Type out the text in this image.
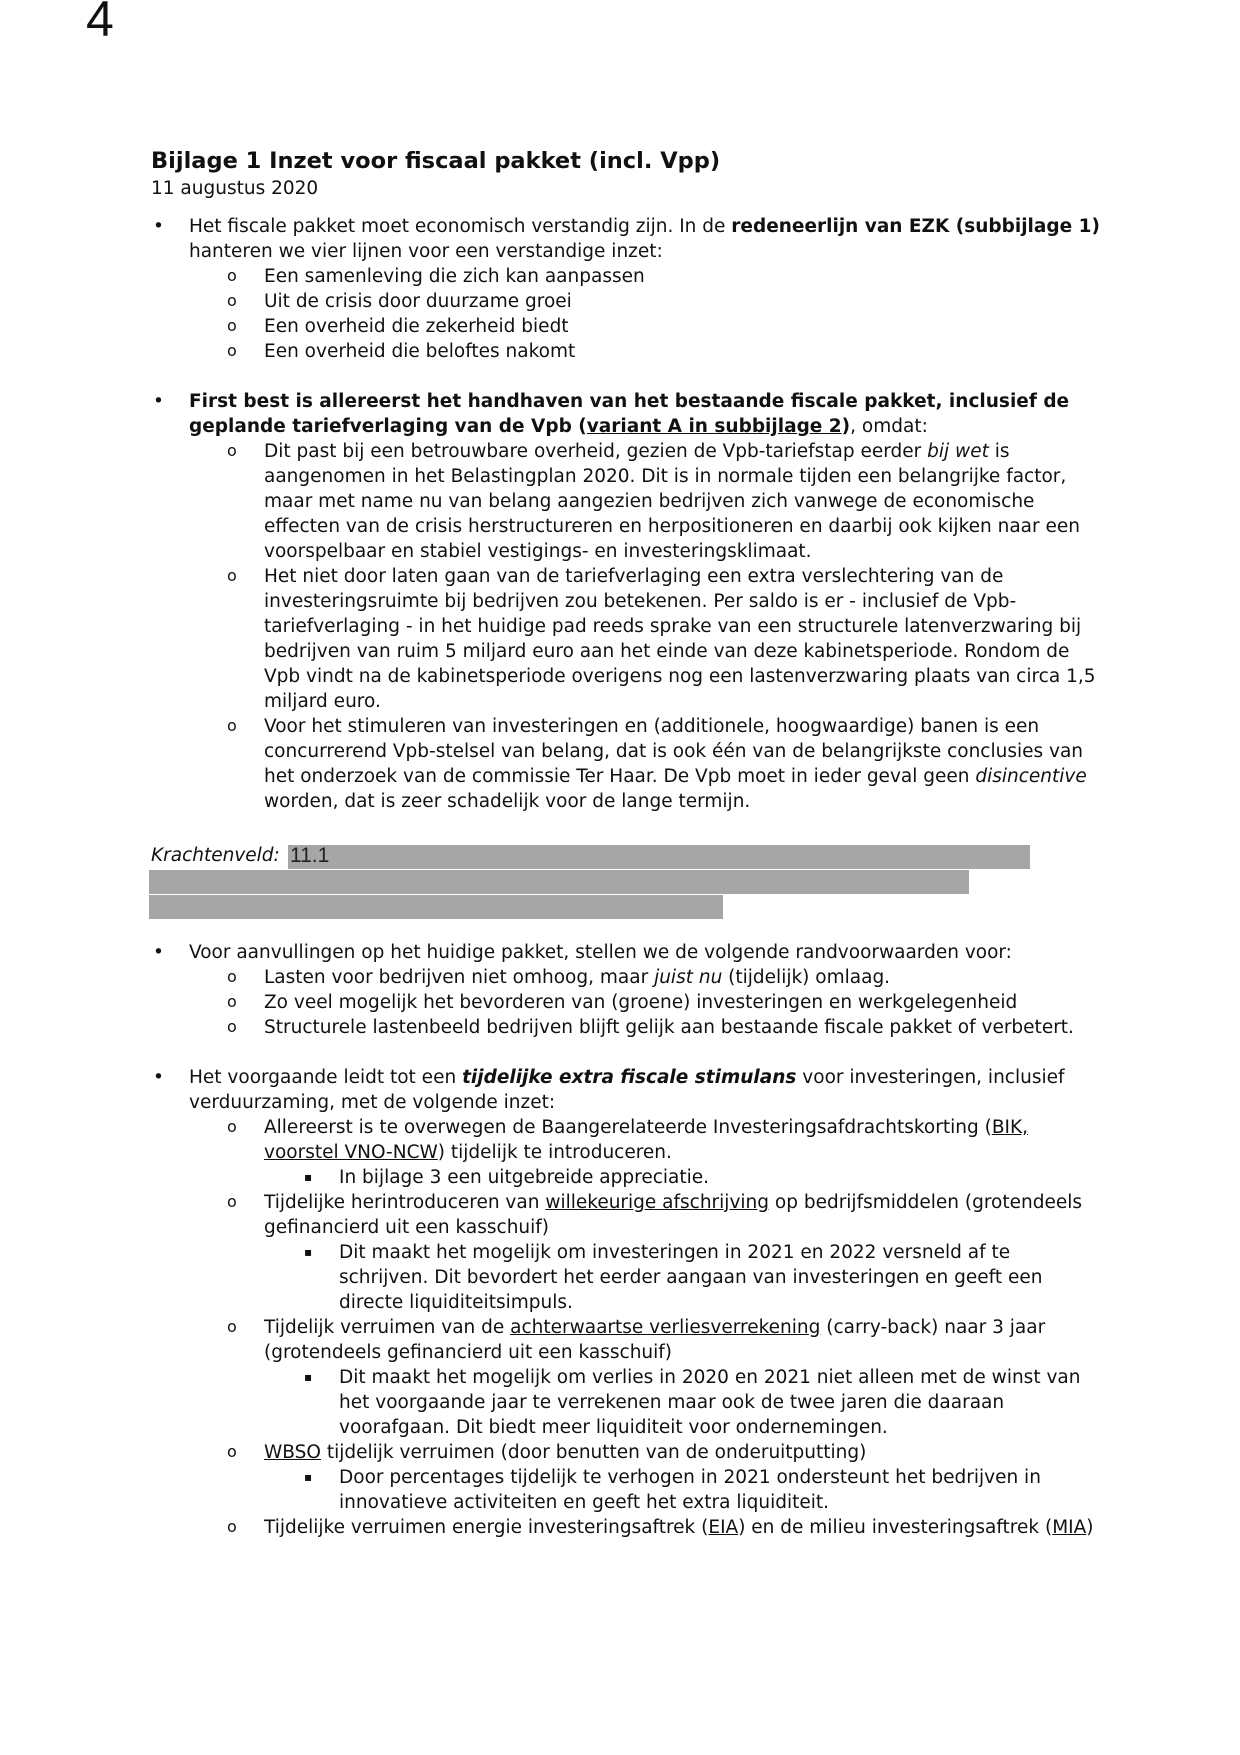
4
Bijlage 1 Inzet voor fiscaal pakket (incl. Vpp)

11 augustus 2020

• Het fiscale pakket moet economisch verstandig zijn. In de redeneerlijn van EZK (subbijlage 1) hanteren we vier lijnen voor een verstandige inzet:

o Een samenleving die zich kan aanpassen

o Uit de crisis door duurzame groei

o Een overheid die zekerheid biedt

o Een overheid die beloftes nakomt

• First best is allereerst het handhaven van het bestaande fiscale pakket, inclusief de geplande tariefverlaging van de Vpb (variant A in subbijlage 2), omdat:

o Dit past bij een betrouwbare overheid, gezien de Vpb-tariefstap eerder bij wet is aangenomen in het Belastingplan 2020. Dit is in normale tijden een belangrijke factor, maar met name nu van belang aangezien bedrijven zich vanwege de economische effecten van de crisis herstructureren en herpositioneren en daarbij ook kijken naar een voorspelbaar en stabiel vestigings- en investeringsklimaat.

o Het niet door laten gaan van de tariefverlaging een extra verslechtering van de investeringsruimte bij bedrijven zou betekenen. Per saldo is er - inclusief de Vpb-tariefverlaging - in het huidige pad reeds sprake van een structurele latenverzwaring bij bedrijven van ruim 5 miljard euro aan het einde van deze kabinetsperiode. Rondom de Vpb vindt na de kabinetsperiode overigens nog een lastenverzwaring plaats van circa 1,5 miljard euro.

o Voor het stimuleren van investeringen en (additionele, hoogwaardige) banen is een concurrerend Vpb-stelsel van belang, dat is ook één van de belangrijkste conclusies van het onderzoek van de commissie Ter Haar. De Vpb moet in ieder geval geen disincentive worden, dat is zeer schadelijk voor de lange termijn.

Krachtenveld: 11.1

• Voor aanvullingen op het huidige pakket, stellen we de volgende randvoorwaarden voor:

o Lasten voor bedrijven niet omhoog, maar juist nu (tijdelijk) omlaag.

o Zo veel mogelijk het bevorderen van (groene) investeringen en werkgelegenheid

o Structurele lastenbeeld bedrijven blijft gelijk aan bestaande fiscale pakket of verbetert.

• Het voorgaande leidt tot een tijdelijke extra fiscale stimulans voor investeringen, inclusief verduurzaming, met de volgende inzet:

o Allereerst is te overwegen de Baangerelateerde Investeringsafdrachtskorting (BIK, voorstel VNO-NCW) tijdelijk te introduceren.

▪ In bijlage 3 een uitgebreide appreciatie.

o Tijdelijke herintroduceren van willekeurige afschrijving op bedrijfsmiddelen (grotendeels gefinancierd uit een kasschuif)

▪ Dit maakt het mogelijk om investeringen in 2021 en 2022 versneld af te schrijven. Dit bevordert het eerder aangaan van investeringen en geeft een directe liquiditeitsimpuls.

o Tijdelijk verruimen van de achterwaartse verliesverrekening (carry-back) naar 3 jaar (grotendeels gefinancierd uit een kasschuif)

▪ Dit maakt het mogelijk om verlies in 2020 en 2021 niet alleen met de winst van het voorgaande jaar te verrekenen maar ook de twee jaren die daaraan voorafgaan. Dit biedt meer liquiditeit voor ondernemingen.

o WBSO tijdelijk verruimen (door benutten van de onderuitputting)

▪ Door percentages tijdelijk te verhogen in 2021 ondersteunt het bedrijven in innovatieve activiteiten en geeft het extra liquiditeit.

o Tijdelijke verruimen energie investeringsaftrek (EIA) en de milieu investeringsaftrek (MIA)
